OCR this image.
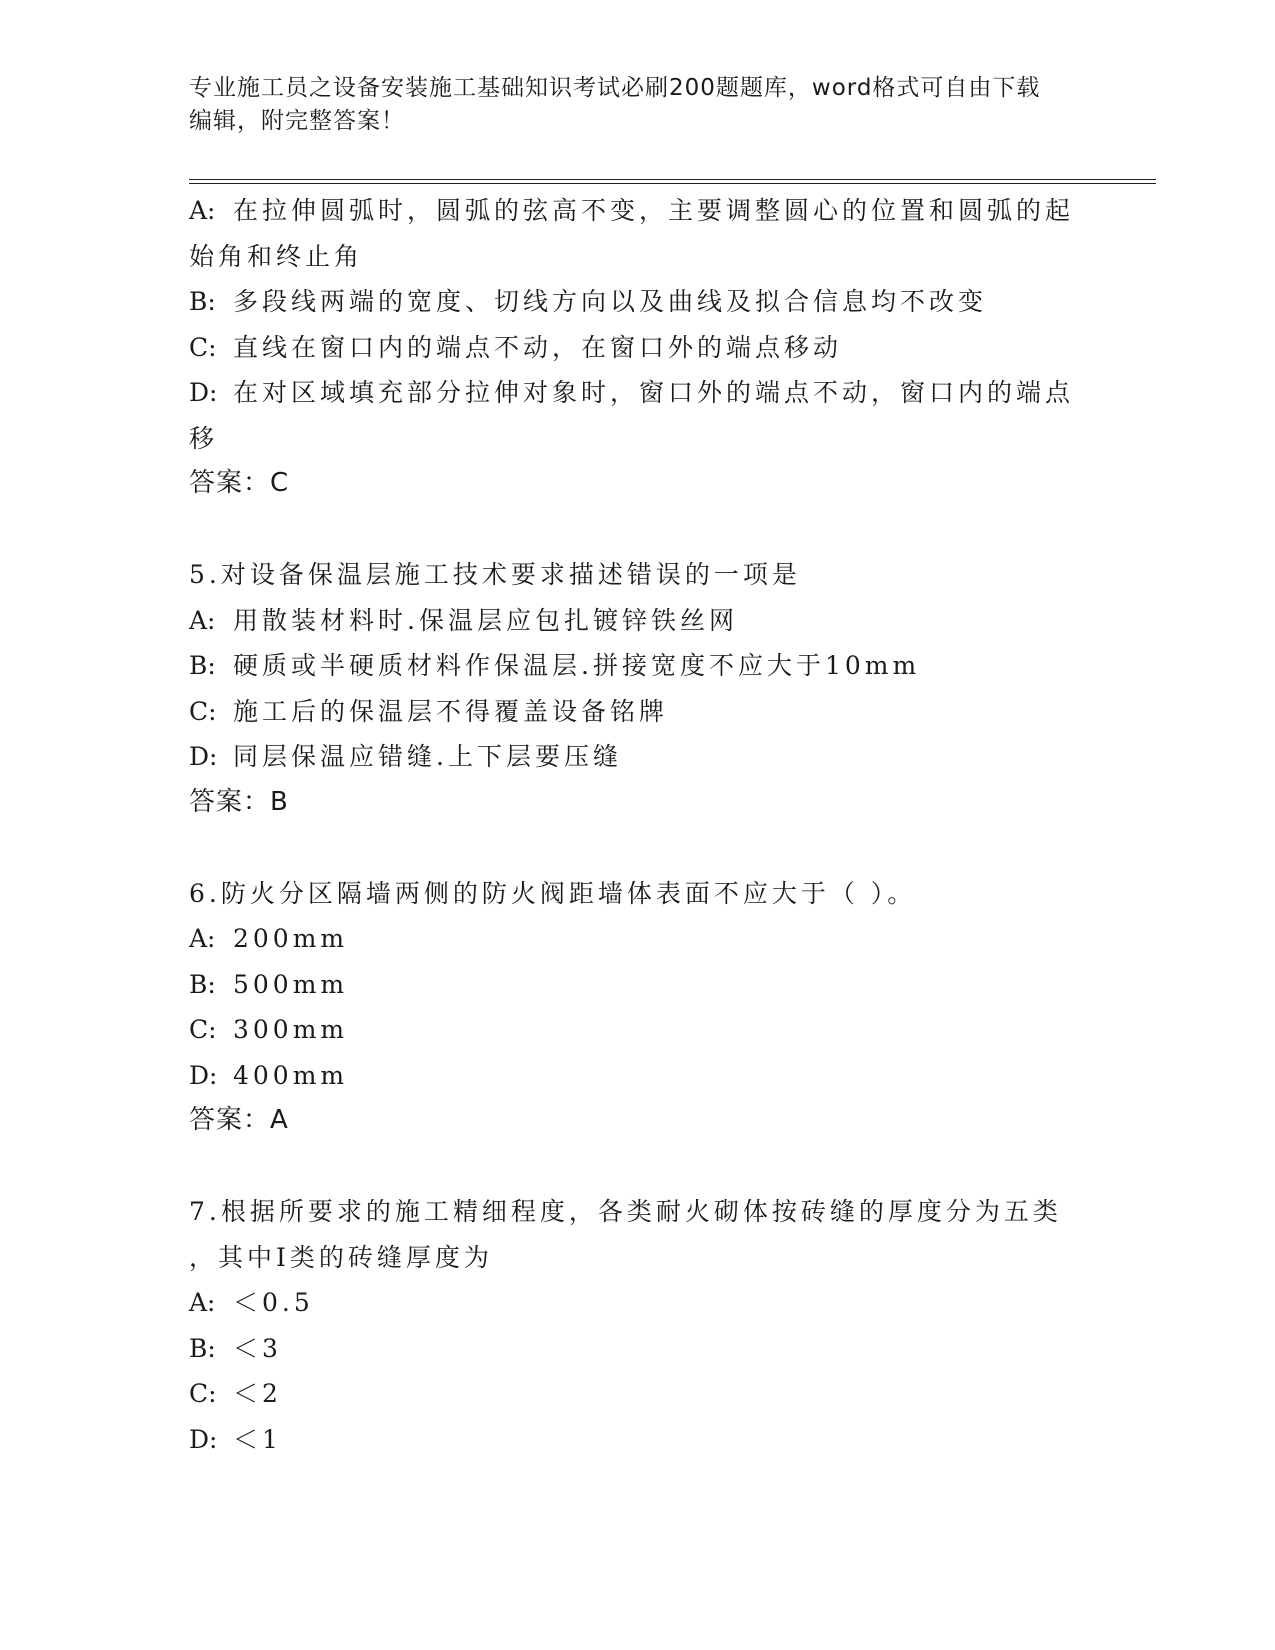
专业施工员之设备安装施工基础知识考试必刷200题题库，word格式可自由下载
编辑，附完整答案！
A: 在拉伸圆弧时，圆弧的弦高不变，主要调整圆心的位置和圆弧的起
始角和终止角
B: 多段线两端的宽度、切线方向以及曲线及拟合信息均不改变
C: 直线在窗口内的端点不动，在窗口外的端点移动
D: 在对区域填充部分拉伸对象时，窗口外的端点不动，窗口内的端点
移
答案：C
5.对设备保温层施工技术要求描述错误的一项是
A: 用散装材料时.保温层应包扎镀锌铁丝网
B: 硬质或半硬质材料作保温层.拼接宽度不应大于10mm
C: 施工后的保温层不得覆盖设备铭牌
D: 同层保温应错缝.上下层要压缝
答案：B
6.防火分区隔墙两侧的防火阀距墙体表面不应大于（ ）。
A: 200mm
B: 500mm
C: 300mm
D: 400mm
答案：A
7.根据所要求的施工精细程度，各类耐火砌体按砖缝的厚度分为五类
，其中Ⅰ类的砖缝厚度为
A: ＜0.5
B: ＜3
C: ＜2
D: ＜1
